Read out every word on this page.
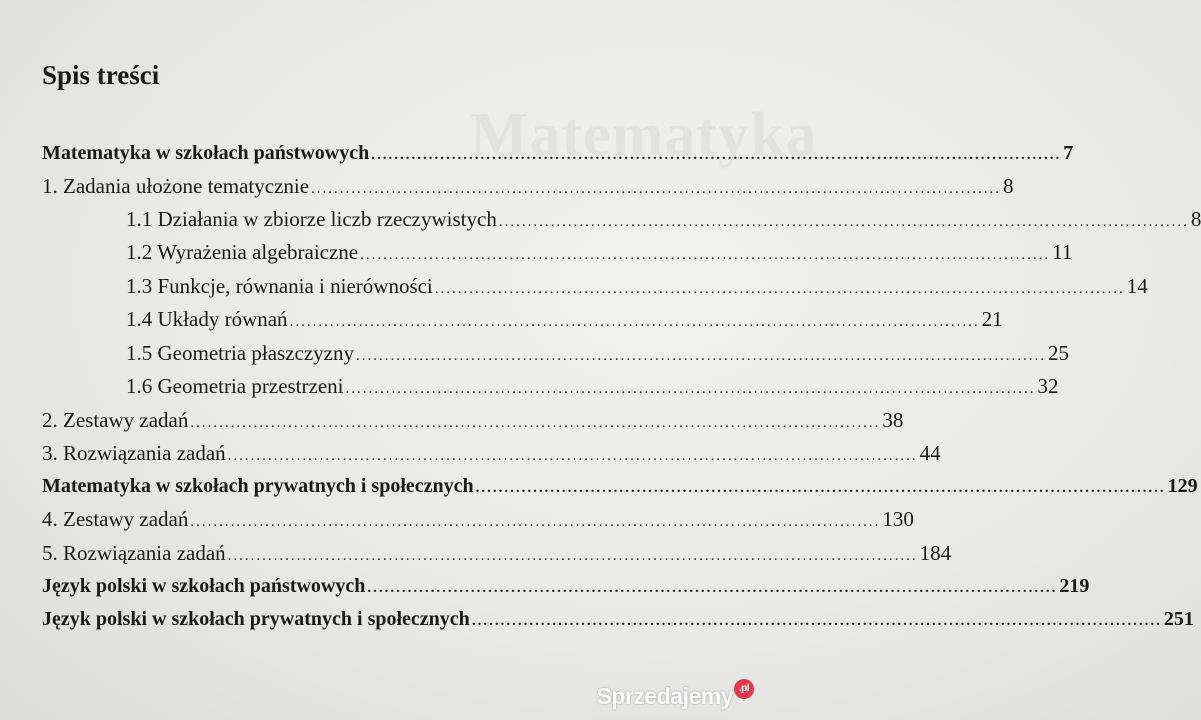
Spis treści
Matematyka w szkołach państwowych ........................................................................................................................ 7
1. Zadania ułożone tematycznie ........................................................................................................................ 8
1.1 Działania w zbiorze liczb rzeczywistych ........................................................................................................................ 8
1.2 Wyrażenia algebraiczne ........................................................................................................................ 11
1.3 Funkcje, równania i nierówności ........................................................................................................................ 14
1.4 Układy równań ........................................................................................................................ 21
1.5 Geometria płaszczyzny ........................................................................................................................ 25
1.6 Geometria przestrzeni ........................................................................................................................ 32
2. Zestawy zadań ........................................................................................................................ 38
3. Rozwiązania zadań ........................................................................................................................ 44
Matematyka w szkołach prywatnych i społecznych ........................................................................................................................ 129
4. Zestawy zadań ........................................................................................................................ 130
5. Rozwiązania zadań ........................................................................................................................ 184
Język polski w szkołach państwowych ........................................................................................................................ 219
Język polski w szkołach prywatnych i społecznych ........................................................................................................................ 251
Sprzedajemy .pl
